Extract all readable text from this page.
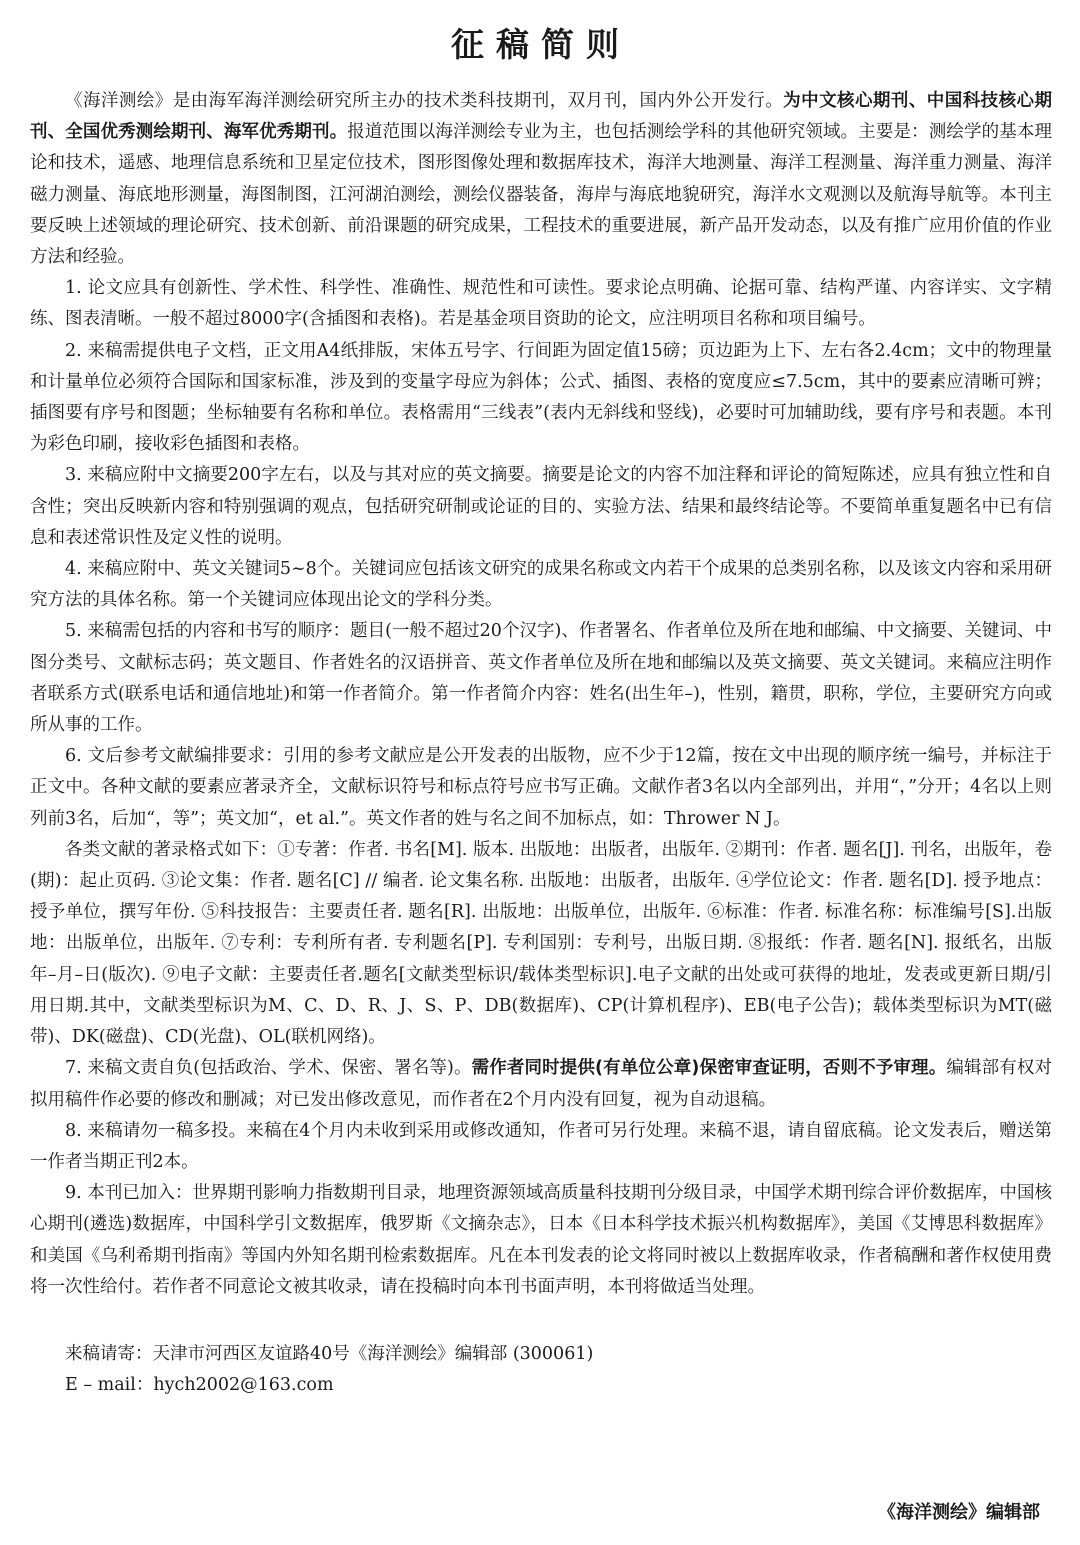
征稿简则

《海洋测绘》是由海军海洋测绘研究所主办的技术类科技期刊，双月刊，国内外公开发行。为中文核心期刊、中国科技核心期刊、全国优秀测绘期刊、海军优秀期刊。报道范围以海洋测绘专业为主，也包括测绘学科的其他研究领域。主要是：测绘学的基本理论和技术，遥感、地理信息系统和卫星定位技术，图形图像处理和数据库技术，海洋大地测量、海洋工程测量、海洋重力测量、海洋磁力测量、海底地形测量，海图制图，江河湖泊测绘，测绘仪器装备，海岸与海底地貌研究，海洋水文观测以及航海导航等。本刊主要反映上述领域的理论研究、技术创新、前沿课题的研究成果，工程技术的重要进展，新产品开发动态，以及有推广应用价值的作业方法和经验。

1. 论文应具有创新性、学术性、科学性、准确性、规范性和可读性。要求论点明确、论据可靠、结构严谨、内容详实、文字精练、图表清晰。一般不超过8000字(含插图和表格)。若是基金项目资助的论文，应注明项目名称和项目编号。

2. 来稿需提供电子文档，正文用A4纸排版，宋体五号字、行间距为固定值15磅；页边距为上下、左右各2.4cm；文中的物理量和计量单位必须符合国际和国家标准，涉及到的变量字母应为斜体；公式、插图、表格的宽度应≤7.5cm，其中的要素应清晰可辨；插图要有序号和图题；坐标轴要有名称和单位。表格需用“三线表”(表内无斜线和竖线)，必要时可加辅助线，要有序号和表题。本刊为彩色印刷，接收彩色插图和表格。

3. 来稿应附中文摘要200字左右，以及与其对应的英文摘要。摘要是论文的内容不加注释和评论的简短陈述，应具有独立性和自含性；突出反映新内容和特别强调的观点，包括研究研制或论证的目的、实验方法、结果和最终结论等。不要简单重复题名中已有信息和表述常识性及定义性的说明。

4. 来稿应附中、英文关键词5~8个。关键词应包括该文研究的成果名称或文内若干个成果的总类别名称，以及该文内容和采用研究方法的具体名称。第一个关键词应体现出论文的学科分类。

5. 来稿需包括的内容和书写的顺序：题目(一般不超过20个汉字)、作者署名、作者单位及所在地和邮编、中文摘要、关键词、中图分类号、文献标志码；英文题目、作者姓名的汉语拼音、英文作者单位及所在地和邮编以及英文摘要、英文关键词。来稿应注明作者联系方式(联系电话和通信地址)和第一作者简介。第一作者简介内容：姓名(出生年–)，性别，籍贯，职称，学位，主要研究方向或所从事的工作。

6. 文后参考文献编排要求：引用的参考文献应是公开发表的出版物，应不少于12篇，按在文中出现的顺序统一编号，并标注于正文中。各种文献的要素应著录齐全，文献标识符号和标点符号应书写正确。文献作者3名以内全部列出，并用“，”分开；4名以上则列前3名，后加“，等”；英文加“，et al.”。英文作者的姓与名之间不加标点，如：Thrower N J。

各类文献的著录格式如下：①专著：作者. 书名[M]. 版本. 出版地：出版者，出版年. ②期刊：作者. 题名[J]. 刊名，出版年，卷(期)：起止页码. ③论文集：作者. 题名[C] // 编者. 论文集名称. 出版地：出版者，出版年. ④学位论文：作者. 题名[D]. 授予地点：授予单位，撰写年份. ⑤科技报告：主要责任者. 题名[R]. 出版地：出版单位，出版年. ⑥标准：作者. 标准名称：标准编号[S].出版地：出版单位，出版年. ⑦专利：专利所有者. 专利题名[P]. 专利国别：专利号，出版日期. ⑧报纸：作者. 题名[N]. 报纸名，出版年–月–日(版次). ⑨电子文献：主要责任者.题名[文献类型标识/载体类型标识].电子文献的出处或可获得的地址，发表或更新日期/引用日期.其中，文献类型标识为M、C、D、R、J、S、P、DB(数据库)、CP(计算机程序)、EB(电子公告)；载体类型标识为MT(磁带)、DK(磁盘)、CD(光盘)、OL(联机网络)。

7. 来稿文责自负(包括政治、学术、保密、署名等)。需作者同时提供(有单位公章)保密审查证明，否则不予审理。编辑部有权对拟用稿件作必要的修改和删减；对已发出修改意见，而作者在2个月内没有回复，视为自动退稿。

8. 来稿请勿一稿多投。来稿在4个月内未收到采用或修改通知，作者可另行处理。来稿不退，请自留底稿。论文发表后，赠送第一作者当期正刊2本。

9. 本刊已加入：世界期刊影响力指数期刊目录，地理资源领域高质量科技期刊分级目录，中国学术期刊综合评价数据库，中国核心期刊(遴选)数据库，中国科学引文数据库，俄罗斯《文摘杂志》，日本《日本科学技术振兴机构数据库》，美国《艾博思科数据库》和美国《乌利希期刊指南》等国内外知名期刊检索数据库。凡在本刊发表的论文将同时被以上数据库收录，作者稿酬和著作权使用费将一次性给付。若作者不同意论文被其收录，请在投稿时向本刊书面声明，本刊将做适当处理。

来稿请寄：天津市河西区友谊路40号《海洋测绘》编辑部 (300061)
E – mail：hych2002@163.com
《海洋测绘》编辑部
